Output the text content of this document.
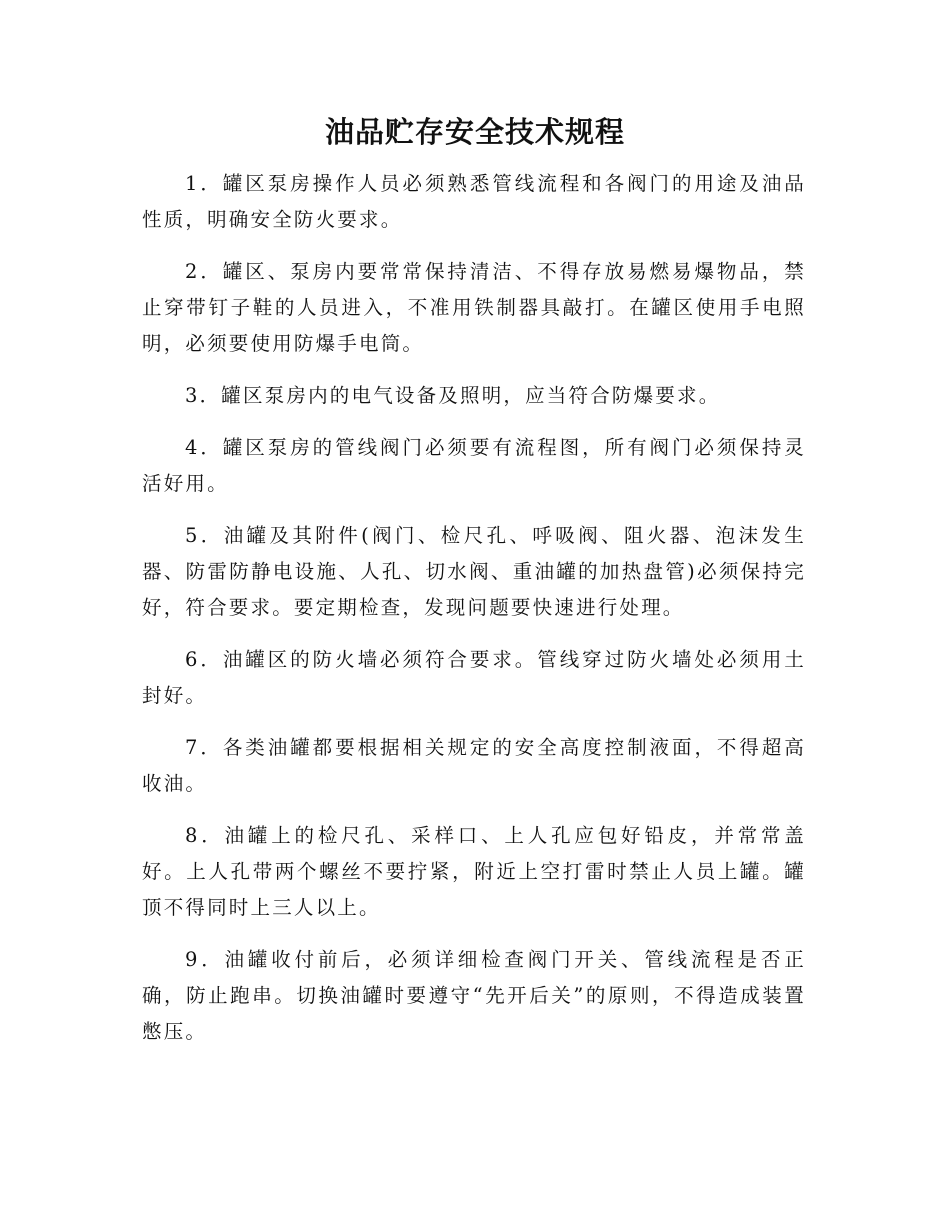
油品贮存安全技术规程

1．罐区泵房操作人员必须熟悉管线流程和各阀门的用途及油品性质，明确安全防火要求。

2．罐区、泵房内要常常保持清洁、不得存放易燃易爆物品，禁止穿带钉子鞋的人员进入，不准用铁制器具敲打。在罐区使用手电照明，必须要使用防爆手电筒。

3．罐区泵房内的电气设备及照明，应当符合防爆要求。

4．罐区泵房的管线阀门必须要有流程图，所有阀门必须保持灵活好用。

5．油罐及其附件(阀门、检尺孔、呼吸阀、阻火器、泡沫发生器、防雷防静电设施、人孔、切水阀、重油罐的加热盘管)必须保持完好，符合要求。要定期检查，发现问题要快速进行处理。

6．油罐区的防火墙必须符合要求。管线穿过防火墙处必须用土封好。

7．各类油罐都要根据相关规定的安全高度控制液面，不得超高收油。

8．油罐上的检尺孔、采样口、上人孔应包好铅皮，并常常盖好。上人孔带两个螺丝不要拧紧，附近上空打雷时禁止人员上罐。罐顶不得同时上三人以上。

9．油罐收付前后，必须详细检查阀门开关、管线流程是否正确，防止跑串。切换油罐时要遵守“先开后关”的原则，不得造成装置憋压。
